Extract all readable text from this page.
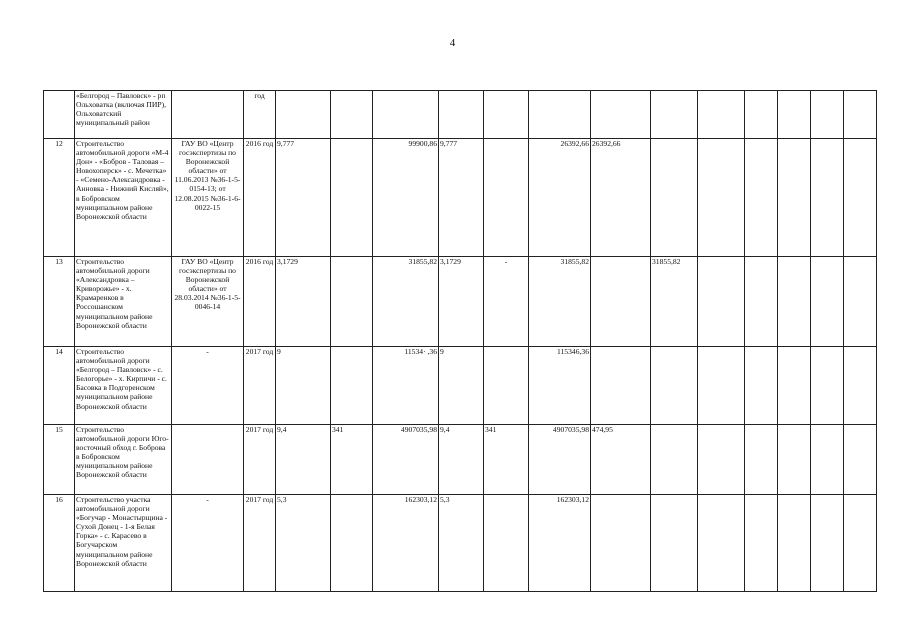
4
	«Белгород – Павловск» - рп Ольховатка (включая ПИР), Ольховатский муниципальный район		год													
12	Строительство автомобильной дороги «М-4 Дон» - «Бобров - Таловая – Новохоперск» - с. Мечетка» - «Семено-Александровка - Анновка - Нижний Кисляй», в Бобровском муниципальном районе Воронежской области	ГАУ ВО «Центр госэкспертизы по Воронежской области» от 11.06.2013 №36-1-5-0154-13; от 12.08.2015 №36-1-6-0022-15	2016 год	9,777		99900,86	9,777		26392,66	26392,66						
13	Строительство автомобильной дороги «Александровка – Криворожье» - х. Крамаренков в Россошанском муниципальном районе Воронежской области	ГАУ ВО «Центр госэкспертизы по Воронежской области» от 28.03.2014 №36-1-5-0046-14	2016 год	3,1729		31855,82	3,1729	-	31855,82		31855,82					
14	Строительство автомобильной дороги «Белгород – Павловск» - с. Белогорье» - х. Кирпичи - с. Басовка в Подгоренском муниципальном районе Воронежской области	-	2017 год	9		11534· ,36	9		115346,36							
15	Строительство автомобильной дороги Юго-восточный обход г. Боброва в Бобровском муниципальном районе Воронежской области		2017 год	9,4	341	4907035,98	9,4	341	4907035,98	474,95						
16	Строительство участка автомобильной дороги «Богучар - Монастырщина - Сухой Донец - 1-я Белая Горка» - с. Карасево в Богучарском муниципальном районе Воронежской области	-	2017 год	5,3		162303,12	5,3		162303,12							
